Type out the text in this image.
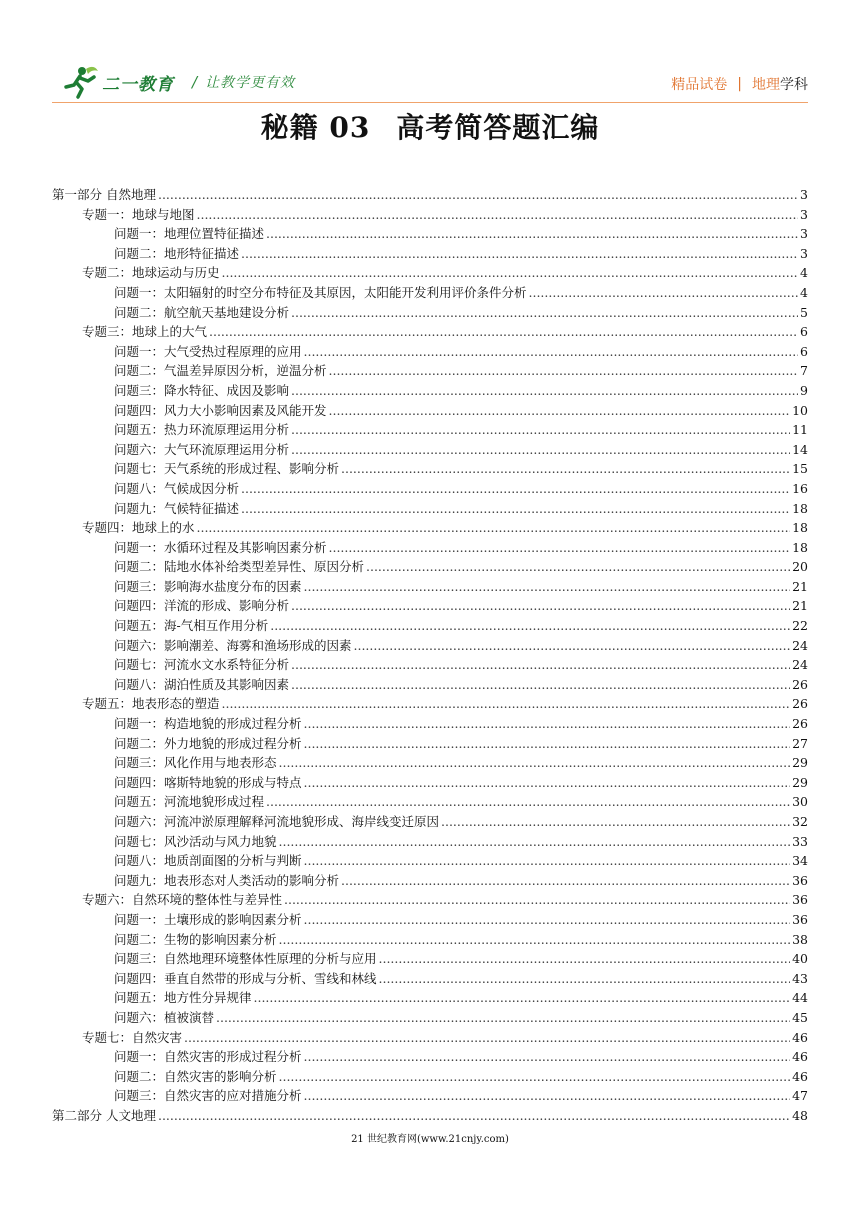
二一教育 / 让教学更有效	精品试卷 | 地理 学科
秘籍 03 高考简答题汇编
第一部分 自然地理 .....	3
专题一：地球与地图 .....	3
问题一：地理位置特征描述 .....	3
问题二：地形特征描述 .....	3
专题二：地球运动与历史 .....	4
问题一：太阳辐射的时空分布特征及其原因，太阳能开发利用评价条件分析 .....	4
问题二：航空航天基地建设分析 .....	5
专题三：地球上的大气 .....	6
问题一：大气受热过程原理的应用 .....	6
问题二：气温差异原因分析，逆温分析 .....	7
问题三：降水特征、成因及影响 .....	9
问题四：风力大小影响因素及风能开发 .....	10
问题五：热力环流原理运用分析 .....	11
问题六：大气环流原理运用分析 .....	14
问题七：天气系统的形成过程、影响分析 .....	15
问题八：气候成因分析 .....	16
问题九：气候特征描述 .....	18
专题四：地球上的水 .....	18
问题一：水循环过程及其影响因素分析 .....	18
问题二：陆地水体补给类型差异性、原因分析 .....	20
问题三：影响海水盐度分布的因素 .....	21
问题四：洋流的形成、影响分析 .....	21
问题五：海-气相互作用分析 .....	22
问题六：影响潮差、海雾和渔场形成的因素 .....	24
问题七：河流水文水系特征分析 .....	24
问题八：湖泊性质及其影响因素 .....	26
专题五：地表形态的塑造 .....	26
问题一：构造地貌的形成过程分析 .....	26
问题二：外力地貌的形成过程分析 .....	27
问题三：风化作用与地表形态 .....	29
问题四：喀斯特地貌的形成与特点 .....	29
问题五：河流地貌形成过程 .....	30
问题六：河流冲淤原理解释河流地貌形成、海岸线变迁原因 .....	32
问题七：风沙活动与风力地貌 .....	33
问题八：地质剖面图的分析与判断 .....	34
问题九：地表形态对人类活动的影响分析 .....	36
专题六：自然环境的整体性与差异性 .....	36
问题一：土壤形成的影响因素分析 .....	36
问题二：生物的影响因素分析 .....	38
问题三：自然地理环境整体性原理的分析与应用 .....	40
问题四：垂直自然带的形成与分析、雪线和林线 .....	43
问题五：地方性分异规律 .....	44
问题六：植被演替 .....	45
专题七：自然灾害 .....	46
问题一：自然灾害的形成过程分析 .....	46
问题二：自然灾害的影响分析 .....	46
问题三：自然灾害的应对措施分析 .....	47
第二部分 人文地理 .....	48
21 世纪教育网(www.21cnjy.com)
